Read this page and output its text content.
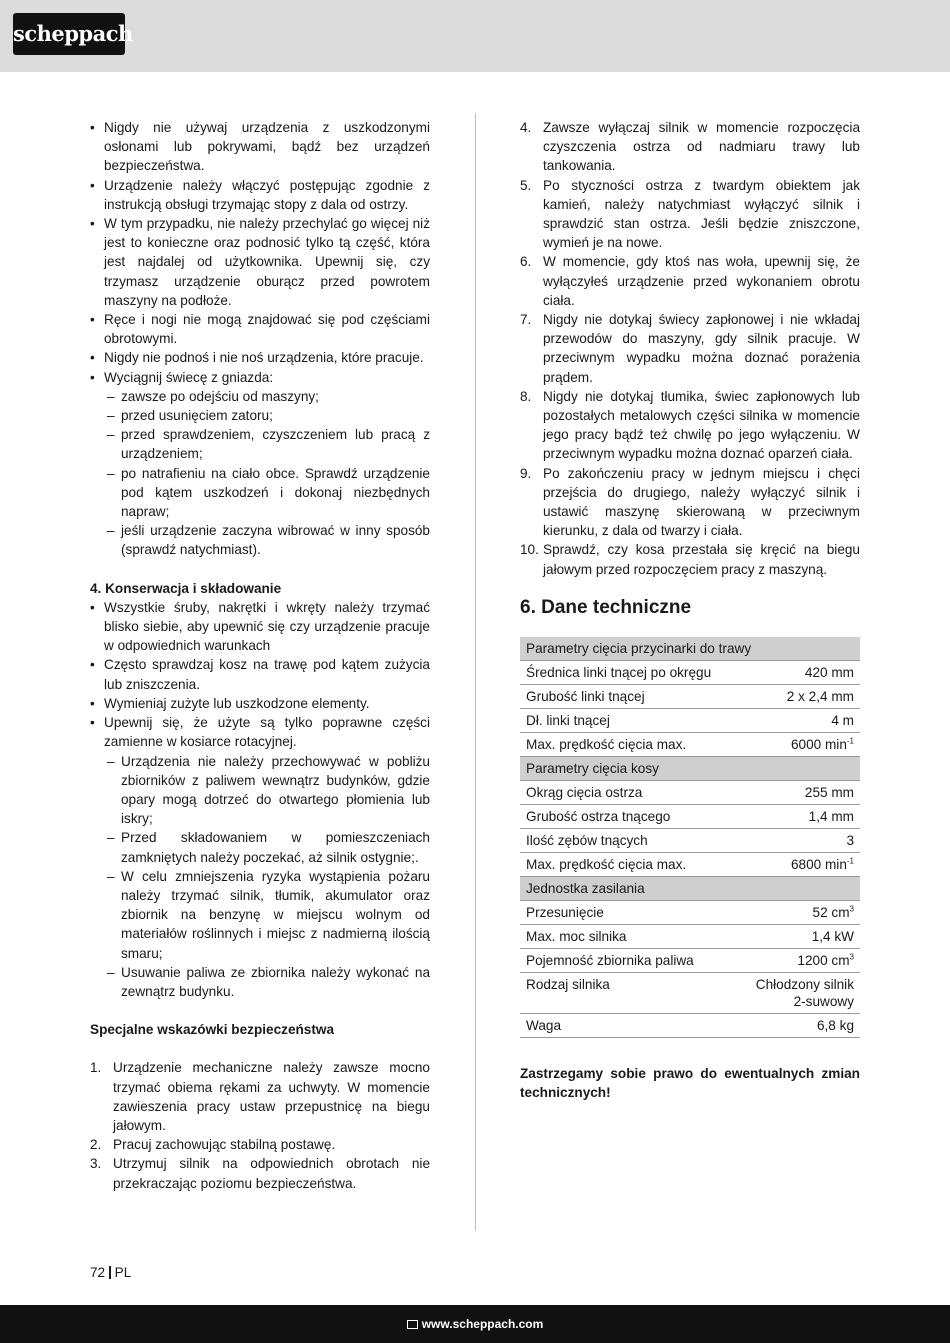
scheppach
• Nigdy nie używaj urządzenia z uszkodzonymi osłonami lub pokrywami, bądź bez urządzeń bezpieczeństwa.
• Urządzenie należy włączyć postępując zgodnie z instrukcją obsługi trzymając stopy z dala od ostrzy.
• W tym przypadku, nie należy przechylać go więcej niż jest to konieczne oraz podnosić tylko tą część, która jest najdalej od użytkownika. Upewnij się, czy trzymasz urządzenie oburącz przed powrotem maszyny na podłoże.
• Ręce i nogi nie mogą znajdować się pod częściami obrotowymi.
• Nigdy nie podnoś i nie noś urządzenia, które pracuje.
• Wyciągnij świecę z gniazda:
– zawsze po odejściu od maszyny;
– przed usunięciem zatoru;
– przed sprawdzeniem, czyszczeniem lub pracą z urządzeniem;
– po natrafieniu na ciało obce. Sprawdź urządzenie pod kątem uszkodzeń i dokonaj niezbędnych napraw;
– jeśli urządzenie zaczyna wibrować w inny sposób (sprawdź natychmiast).

4. Konserwacja i składowanie

• Wszystkie śruby, nakrętki i wkręty należy trzymać blisko siebie, aby upewnić się czy urządzenie pracuje w odpowiednich warunkach
• Często sprawdzaj kosz na trawę pod kątem zużycia lub zniszczenia.
• Wymieniaj zużyte lub uszkodzone elementy.
• Upewnij się, że użyte są tylko poprawne części zamienne w kosiarce rotacyjnej.
– Urządzenia nie należy przechowywać w pobliżu zbiorników z paliwem wewnątrz budynków, gdzie opary mogą dotrzeć do otwartego płomienia lub iskry;
– Przed składowaniem w pomieszczeniach zamkniętych należy poczekać, aż silnik ostygnie;.
– W celu zmniejszenia ryzyka wystąpienia pożaru należy trzymać silnik, tłumik, akumulator oraz zbiornik na benzynę w miejscu wolnym od materiałów roślinnych i miejsc z nadmierną ilością smaru;
– Usuwanie paliwa ze zbiornika należy wykonać na zewnątrz budynku.

Specjalne wskazówki bezpieczeństwa

1. Urządzenie mechaniczne należy zawsze mocno trzymać obiema rękami za uchwyty. W momencie zawieszenia pracy ustaw przepustnicę na biegu jałowym.
2. Pracuj zachowując stabilną postawę.
3. Utrzymuj silnik na odpowiednich obrotach nie przekraczając poziomu bezpieczeństwa.
4. Zawsze wyłączaj silnik w momencie rozpoczęcia czyszczenia ostrza od nadmiaru trawy lub tankowania.
5. Po styczności ostrza z twardym obiektem jak kamień, należy natychmiast wyłączyć silnik i sprawdzić stan ostrza. Jeśli będzie zniszczone, wymień je na nowe.
6. W momencie, gdy ktoś nas woła, upewnij się, że wyłączyłeś urządzenie przed wykonaniem obrotu ciała.
7. Nigdy nie dotykaj świecy zapłonowej i nie wkładaj przewodów do maszyny, gdy silnik pracuje. W przeciwnym wypadku można doznać porażenia prądem.
8. Nigdy nie dotykaj tłumika, świec zapłonowych lub pozostałych metalowych części silnika w momencie jego pracy bądź też chwilę po jego wyłączeniu. W przeciwnym wypadku można doznać oparzeń ciała.
9. Po zakończeniu pracy w jednym miejscu i chęci przejścia do drugiego, należy wyłączyć silnik i ustawić maszynę skierowaną w przeciwnym kierunku, z dala od twarzy i ciała.
10. Sprawdź, czy kosa przestała się kręcić na biegu jałowym przed rozpoczęciem pracy z maszyną.

6. Dane techniczne

Parametry cięcia przycinarki do trawy	
Średnica linki tnącej po okręgu	420 mm
Grubość linki tnącej	2 x 2,4 mm
Dł. linki tnącej	4 m
Max. prędkość cięcia max.	6000 $\min^{-1}$
Parametry cięcia kosy	
Okrąg cięcia ostrza	255 mm
Grubość ostrza tnącego	1,4 mm
Ilość zębów tnących	3
Max. prędkość cięcia max.	6800 $\min^{-1}$
Jednostka zasilania	
Przesunięcie	52 $cm^3$
Max. moc silnika	1,4 kW
Pojemność zbiornika paliwa	1200 $cm^3$
Rodzaj silnika	Chłodzony silnik
2-suwowy
Waga	6,8 kg

Zastrzegamy sobie prawo do ewentualnych zmian technicznych!

72 PL
www.scheppach.com
